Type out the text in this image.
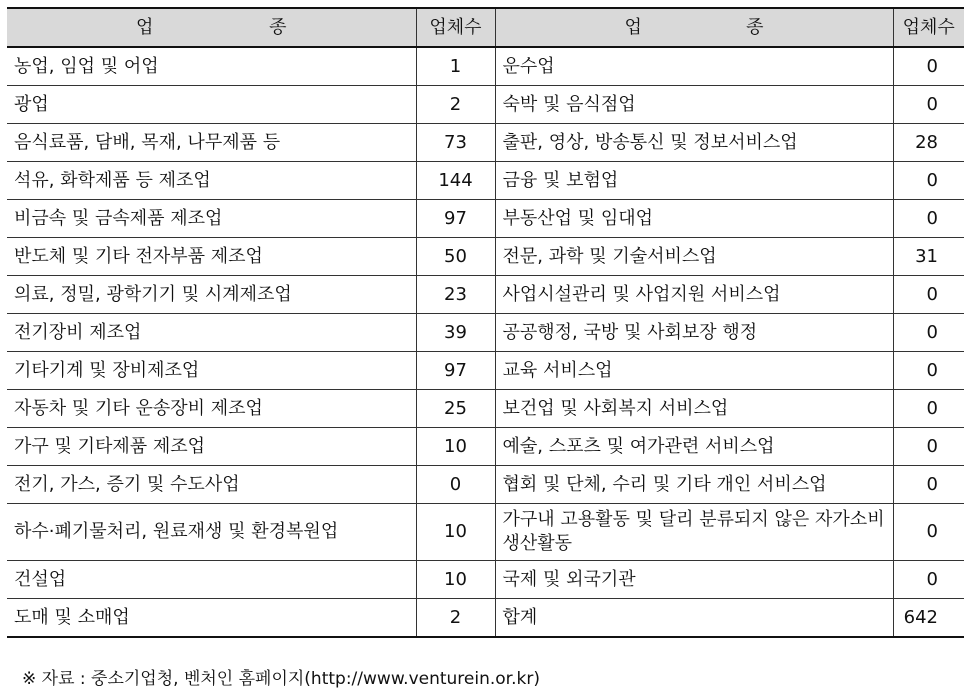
업 종	업체수	업 종	업체수
농업, 임업 및 어업	1	운수업	0
광업	2	숙박 및 음식점업	0
음식료품, 담배, 목재, 나무제품 등	73	출판, 영상, 방송통신 및 정보서비스업	28
석유, 화학제품 등 제조업	144	금융 및 보험업	0
비금속 및 금속제품 제조업	97	부동산업 및 임대업	0
반도체 및 기타 전자부품 제조업	50	전문, 과학 및 기술서비스업	31
의료, 정밀, 광학기기 및 시계제조업	23	사업시설관리 및 사업지원 서비스업	0
전기장비 제조업	39	공공행정, 국방 및 사회보장 행정	0
기타기계 및 장비제조업	97	교육 서비스업	0
자동차 및 기타 운송장비 제조업	25	보건업 및 사회복지 서비스업	0
가구 및 기타제품 제조업	10	예술, 스포츠 및 여가관련 서비스업	0
전기, 가스, 증기 및 수도사업	0	협회 및 단체, 수리 및 기타 개인 서비스업	0
하수·폐기물처리, 원료재생 및 환경복원업	10	가구내 고용활동 및 달리 분류되지 않은 자가소비 생산활동	0
건설업	10	국제 및 외국기관	0
도매 및 소매업	2	합계	642
※ 자료 : 중소기업청, 벤처인 홈페이지(http://www.venturein.or.kr)
